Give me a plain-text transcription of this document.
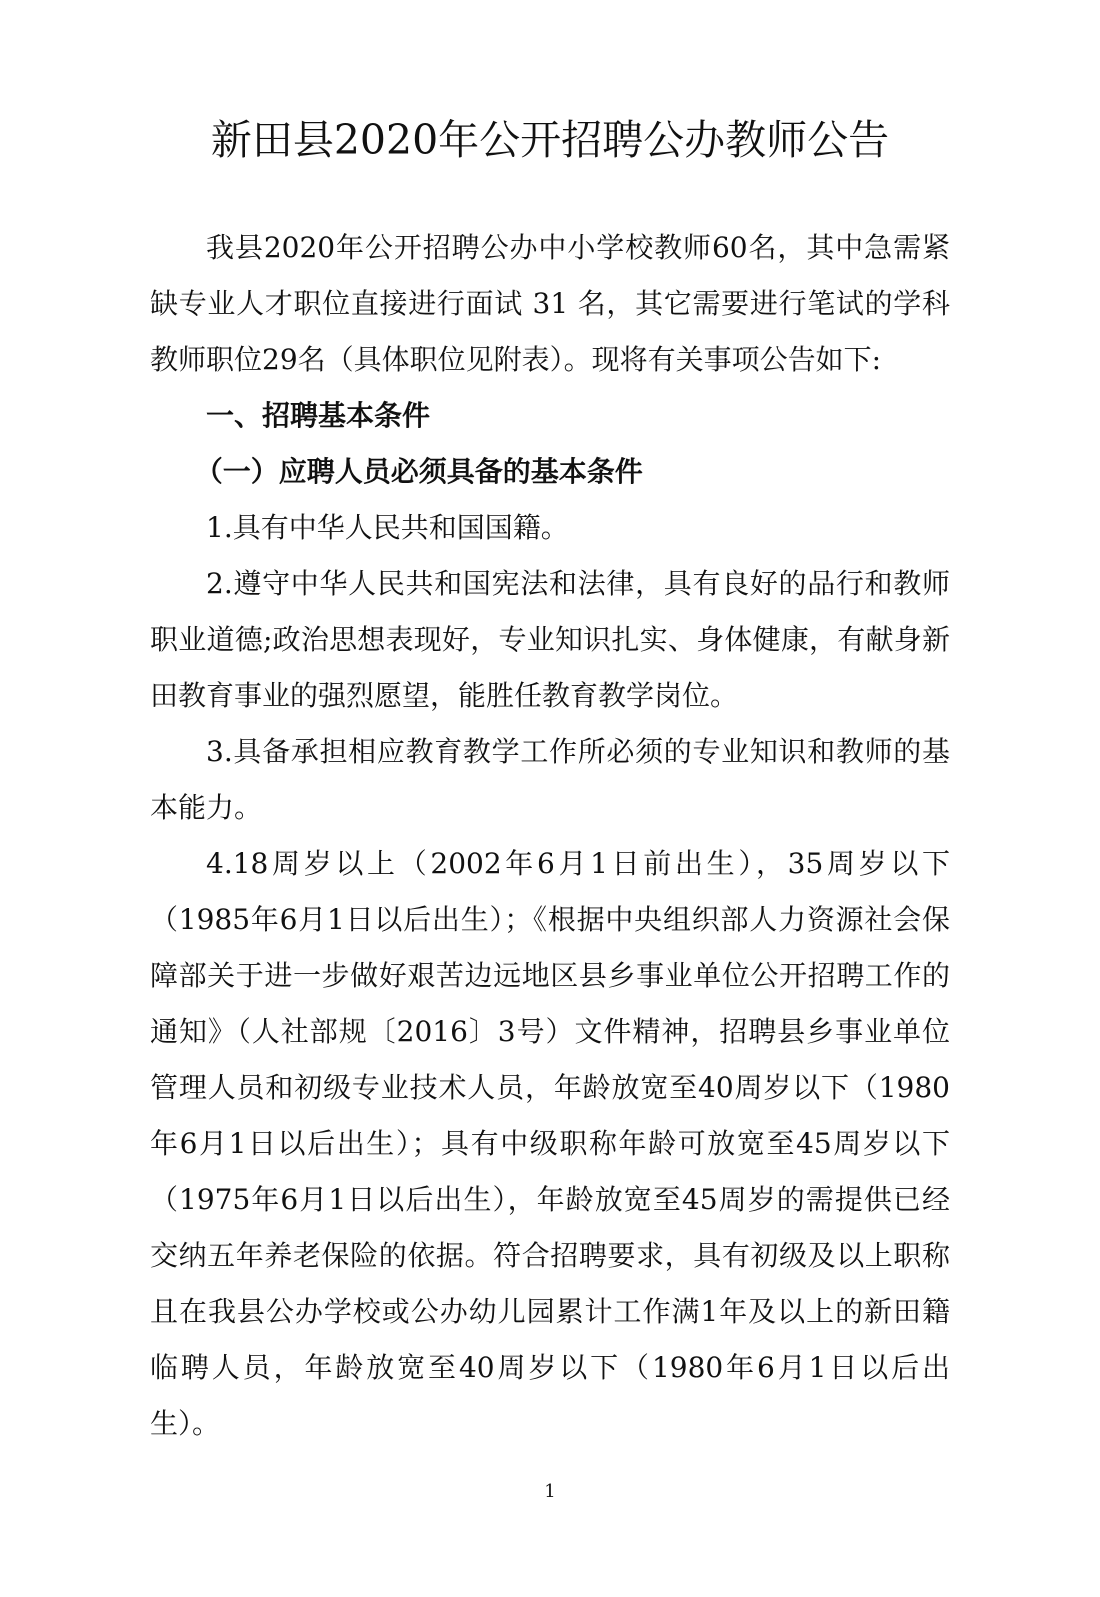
新田县2020年公开招聘公办教师公告

我县2020年公开招聘公办中小学校教师60名，其中急需紧缺专业人才职位直接进行面试 31 名，其它需要进行笔试的学科教师职位29名（具体职位见附表）。现将有关事项公告如下:

一、招聘基本条件

（一）应聘人员必须具备的基本条件

1.具有中华人民共和国国籍。

2.遵守中华人民共和国宪法和法律，具有良好的品行和教师职业道德;政治思想表现好，专业知识扎实、身体健康，有献身新田教育事业的强烈愿望，能胜任教育教学岗位。

3.具备承担相应教育教学工作所必须的专业知识和教师的基本能力。

4.18周岁以上（2002年6月1日前出生），35周岁以下（1985年6月1日以后出生）；《根据中央组织部人力资源社会保障部关于进一步做好艰苦边远地区县乡事业单位公开招聘工作的通知》（人社部规〔2016〕3号）文件精神，招聘县乡事业单位管理人员和初级专业技术人员，年龄放宽至40周岁以下（1980年6月1日以后出生）；具有中级职称年龄可放宽至45周岁以下（1975年6月1日以后出生），年龄放宽至45周岁的需提供已经交纳五年养老保险的依据。符合招聘要求，具有初级及以上职称且在我县公办学校或公办幼儿园累计工作满1年及以上的新田籍临聘人员，年龄放宽至40周岁以下（1980年6月1日以后出生）。

1
